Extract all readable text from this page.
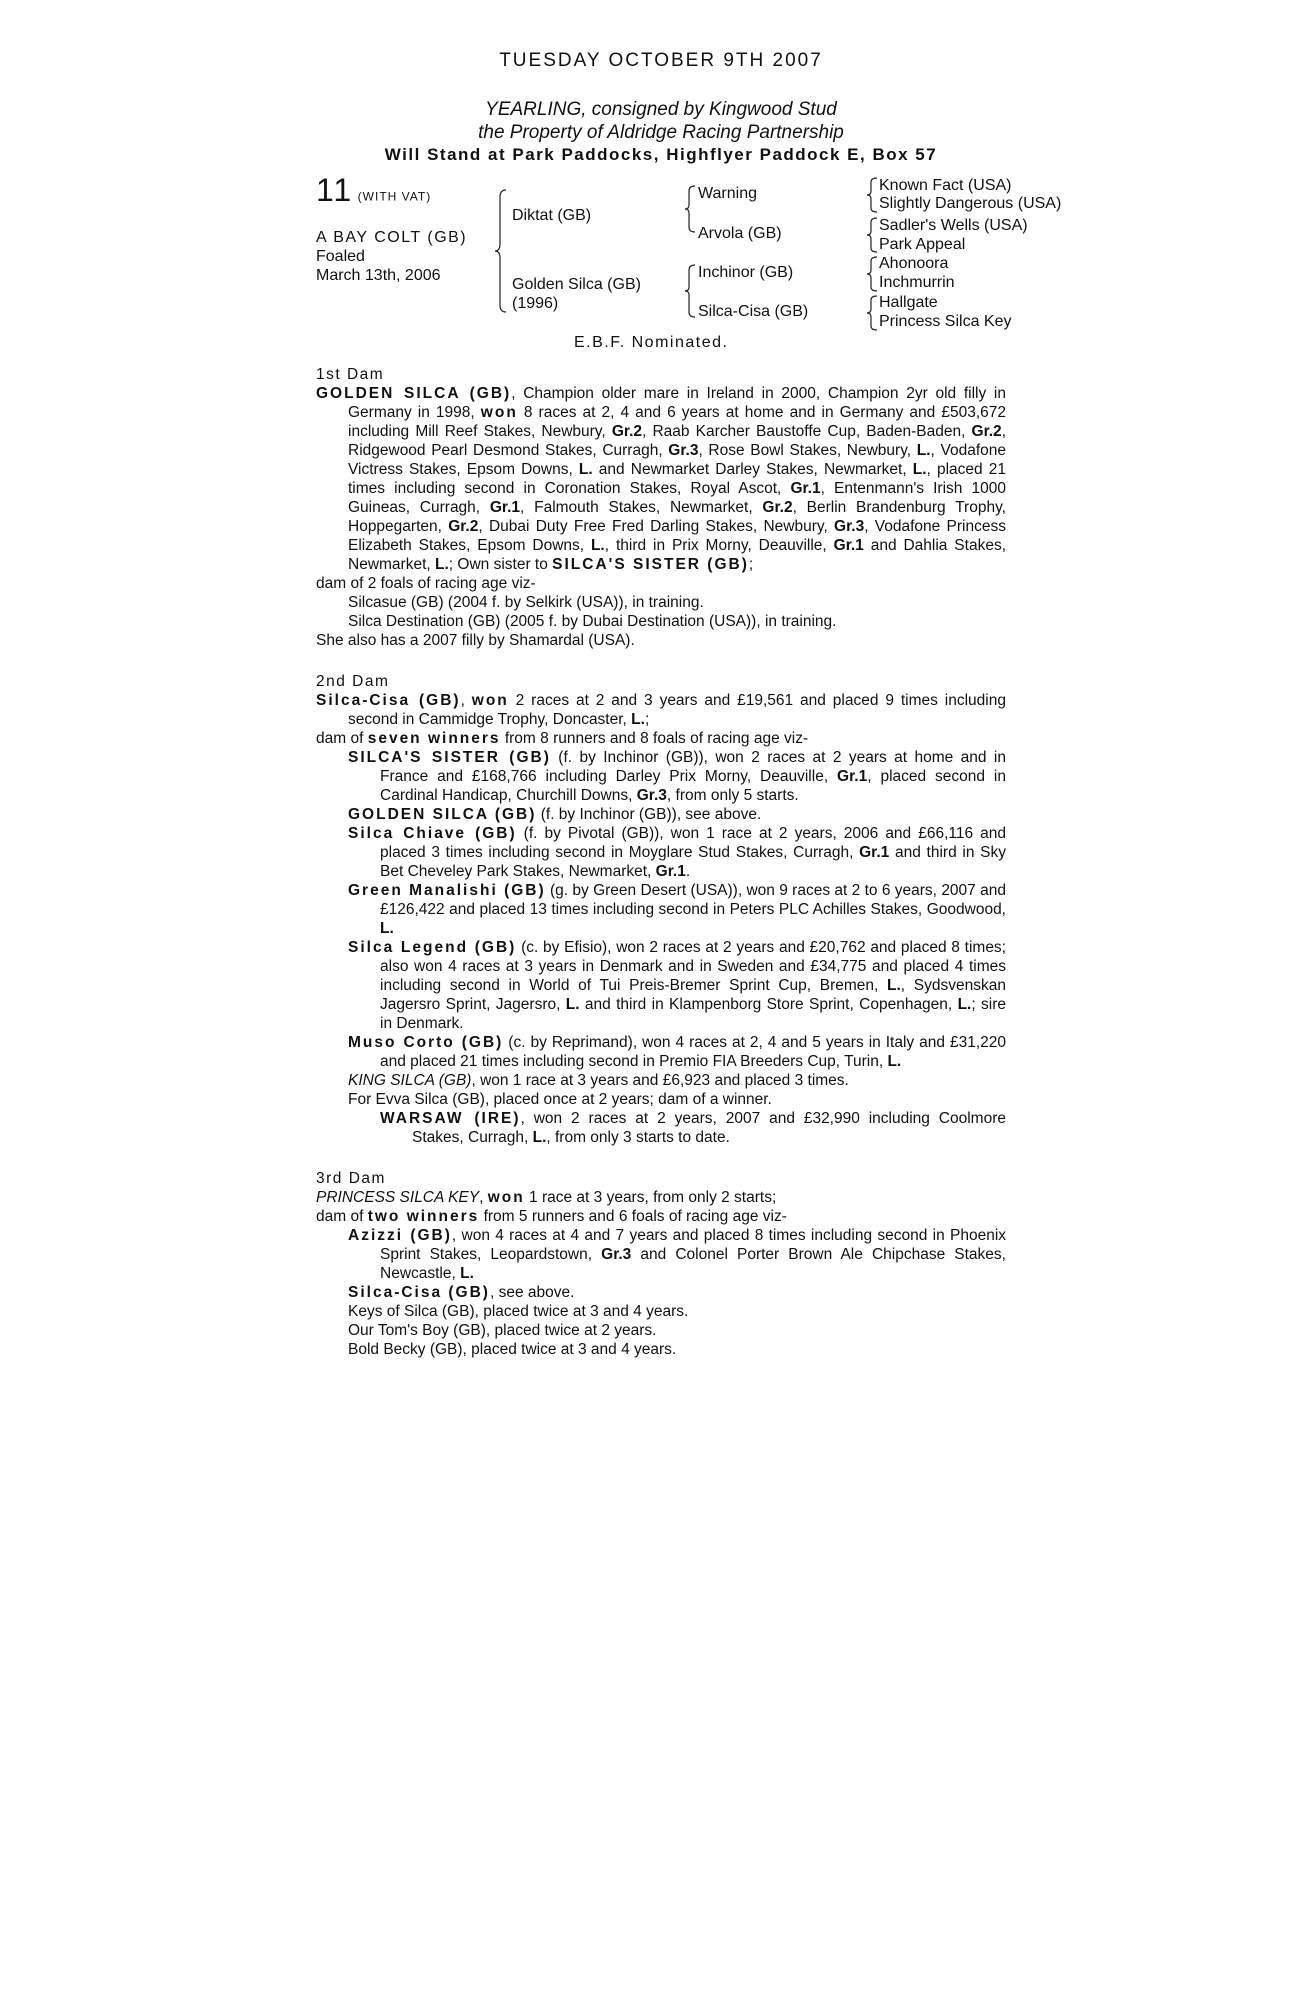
TUESDAY OCTOBER 9TH 2007
YEARLING, consigned by Kingwood Stud
the Property of Aldridge Racing Partnership
Will Stand at Park Paddocks, Highflyer Paddock E, Box 57
11 (WITH VAT)
A BAY COLT (GB)
Foaled
March 13th, 2006
Diktat (GB)
Golden Silca (GB)
(1996)
Warning
Arvola (GB)
Inchinor (GB)
Silca-Cisa (GB)
Known Fact (USA)
Slightly Dangerous (USA)
Sadler's Wells (USA)
Park Appeal
Ahonoora
Inchmurrin
Hallgate
Princess Silca Key
E.B.F. Nominated.
1st Dam

GOLDEN SILCA (GB), Champion older mare in Ireland in 2000, Champion 2yr old filly in Germany in 1998, won 8 races at 2, 4 and 6 years at home and in Germany and £503,672 including Mill Reef Stakes, Newbury, Gr.2, Raab Karcher Baustoffe Cup, Baden-Baden, Gr.2, Ridgewood Pearl Desmond Stakes, Curragh, Gr.3, Rose Bowl Stakes, Newbury, L., Vodafone Victress Stakes, Epsom Downs, L. and Newmarket Darley Stakes, Newmarket, L., placed 21 times including second in Coronation Stakes, Royal Ascot, Gr.1, Entenmann's Irish 1000 Guineas, Curragh, Gr.1, Falmouth Stakes, Newmarket, Gr.2, Berlin Brandenburg Trophy, Hoppegarten, Gr.2, Dubai Duty Free Fred Darling Stakes, Newbury, Gr.3, Vodafone Princess Elizabeth Stakes, Epsom Downs, L., third in Prix Morny, Deauville, Gr.1 and Dahlia Stakes, Newmarket, L.; Own sister to SILCA'S SISTER (GB);

dam of 2 foals of racing age viz-
Silcasue (GB) (2004 f. by Selkirk (USA)), in training.
Silca Destination (GB) (2005 f. by Dubai Destination (USA)), in training.
She also has a 2007 filly by Shamardal (USA).
2nd Dam

Silca-Cisa (GB), won 2 races at 2 and 3 years and £19,561 and placed 9 times including second in Cammidge Trophy, Doncaster, L.;

dam of seven winners from 8 runners and 8 foals of racing age viz-

SILCA'S SISTER (GB) (f. by Inchinor (GB)), won 2 races at 2 years at home and in France and £168,766 including Darley Prix Morny, Deauville, Gr.1, placed second in Cardinal Handicap, Churchill Downs, Gr.3, from only 5 starts.

GOLDEN SILCA (GB) (f. by Inchinor (GB)), see above.

Silca Chiave (GB) (f. by Pivotal (GB)), won 1 race at 2 years, 2006 and £66,116 and placed 3 times including second in Moyglare Stud Stakes, Curragh, Gr.1 and third in Sky Bet Cheveley Park Stakes, Newmarket, Gr.1.

Green Manalishi (GB) (g. by Green Desert (USA)), won 9 races at 2 to 6 years, 2007 and £126,422 and placed 13 times including second in Peters PLC Achilles Stakes, Goodwood, L.

Silca Legend (GB) (c. by Efisio), won 2 races at 2 years and £20,762 and placed 8 times; also won 4 races at 3 years in Denmark and in Sweden and £34,775 and placed 4 times including second in World of Tui Preis-Bremer Sprint Cup, Bremen, L., Sydsvenskan Jagersro Sprint, Jagersro, L. and third in Klampenborg Store Sprint, Copenhagen, L.; sire in Denmark.

Muso Corto (GB) (c. by Reprimand), won 4 races at 2, 4 and 5 years in Italy and £31,220 and placed 21 times including second in Premio FIA Breeders Cup, Turin, L.

KING SILCA (GB), won 1 race at 3 years and £6,923 and placed 3 times.

For Evva Silca (GB), placed once at 2 years; dam of a winner.

WARSAW (IRE), won 2 races at 2 years, 2007 and £32,990 including Coolmore Stakes, Curragh, L., from only 3 starts to date.

3rd Dam

PRINCESS SILCA KEY, won 1 race at 3 years, from only 2 starts;

dam of two winners from 5 runners and 6 foals of racing age viz-

Azizzi (GB), won 4 races at 4 and 7 years and placed 8 times including second in Phoenix Sprint Stakes, Leopardstown, Gr.3 and Colonel Porter Brown Ale Chipchase Stakes, Newcastle, L.

Silca-Cisa (GB), see above.

Keys of Silca (GB), placed twice at 3 and 4 years.

Our Tom's Boy (GB), placed twice at 2 years.

Bold Becky (GB), placed twice at 3 and 4 years.
